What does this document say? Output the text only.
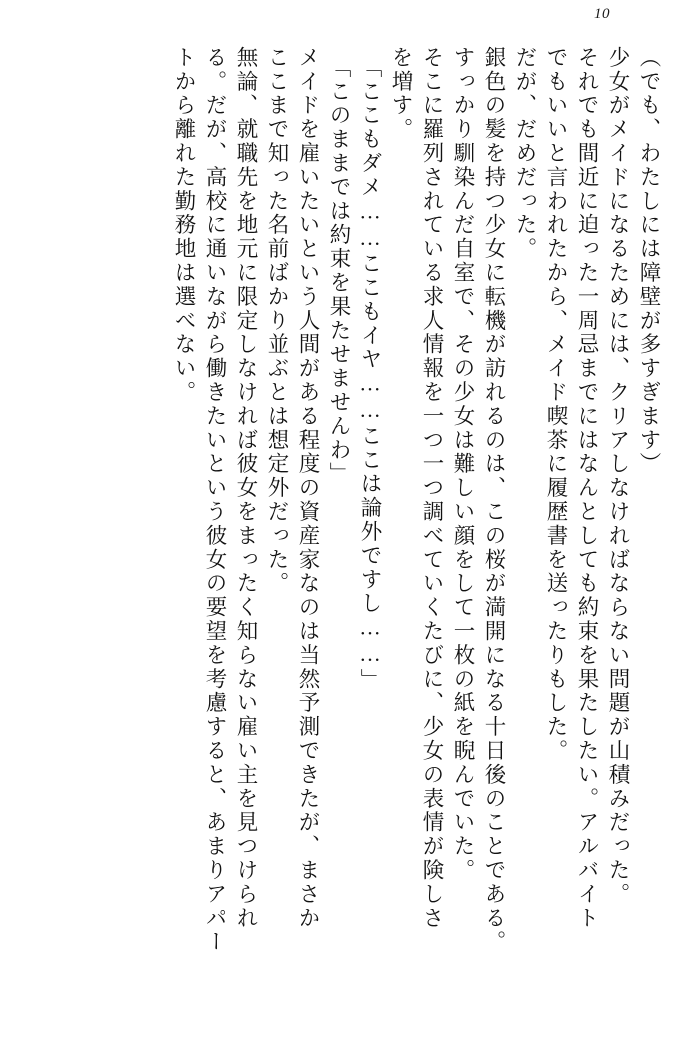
10
（でも、わたしには障壁が多すぎます）
少女がメイドになるためには、クリアしなければならない問題が山積みだった。
それでも間近に迫った一周忌までにはなんとしても約束を果たしたい。アルバイト
でもいいと言われたから、メイド喫茶に履歴書を送ったりもした。
だが、だめだった。
銀色の髪を持つ少女に転機が訪れるのは、この桜が満開になる十日後のことである。
すっかり馴染んだ自室で、その少女は難しい顔をして一枚の紙を睨んでいた。
そこに羅列されている求人情報を一つ一つ調べていくたびに、少女の表情が険しさ
を増す。
「ここもダメ……ここもイヤ……ここは論外ですし……」
「このままでは約束を果たせませんわ」
メイドを雇いたいという人間がある程度の資産家なのは当然予測できたが、まさか
ここまで知った名前ばかり並ぶとは想定外だった。
無論、就職先を地元に限定しなければ彼女をまったく知らない雇い主を見つけられ
る。だが、高校に通いながら働きたいという彼女の要望を考慮すると、あまりアパー
トから離れた勤務地は選べない。
